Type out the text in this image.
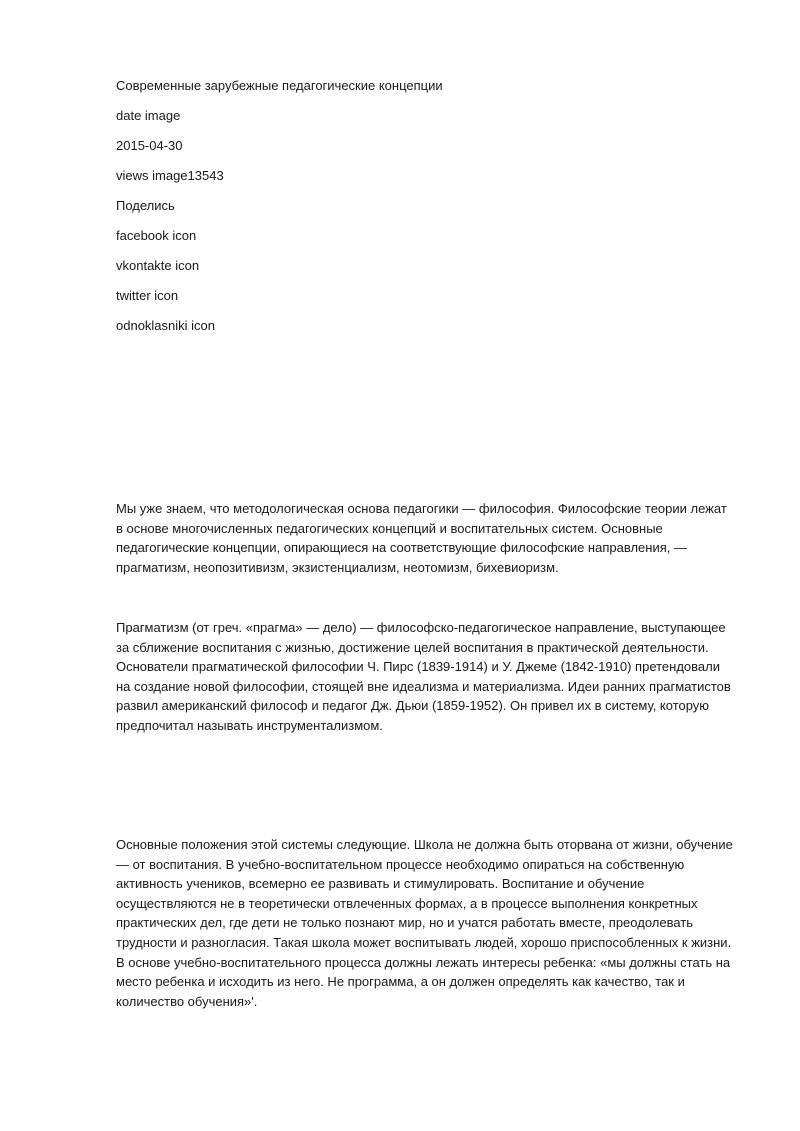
Современные зарубежные педагогические концепции
date image
2015-04-30
views image13543
Поделись
facebook icon
vkontakte icon
twitter icon
odnoklasniki icon

Мы уже знаем, что методологическая основа педагогики — философия. Философские теории лежат в основе многочисленных педагогических концепций и воспитательных систем. Основные педагогические концепции, опирающиеся на соответствующие философские направления, — прагматизм, неопозитивизм, экзистенциализм, неотомизм, бихевиоризм.

Прагматизм (от греч. «прагма» — дело) — философско-педагогическое направление, выступающее за сближение воспитания с жизнью, достижение целей воспитания в практической деятельности. Основатели прагматической философии Ч. Пирс (1839-1914) и У. Джеме (1842-1910) претендовали на создание новой философии, стоящей вне идеализма и материализма. Идеи ранних прагматистов развил американский философ и педагог Дж. Дьюи (1859-1952). Он привел их в систему, которую предпочитал называть инструментализмом.

Основные положения этой системы следующие. Школа не должна быть оторвана от жизни, обучение — от воспитания. В учебно-воспитательном процессе необходимо опираться на собственную активность учеников, всемерно ее развивать и стимулировать. Воспитание и обучение осуществляются не в теоретически отвлеченных формах, а в процессе выполнения конкретных практических дел, где дети не только познают мир, но и учатся работать вместе, преодолевать трудности и разногласия. Такая школа может воспитывать людей, хорошо приспособленных к жизни. В основе учебно-воспитательного процесса должны лежать интересы ребенка: «мы должны стать на место ребенка и исходить из него. Не программа, а он должен определять как качество, так и количество обучения»'.
